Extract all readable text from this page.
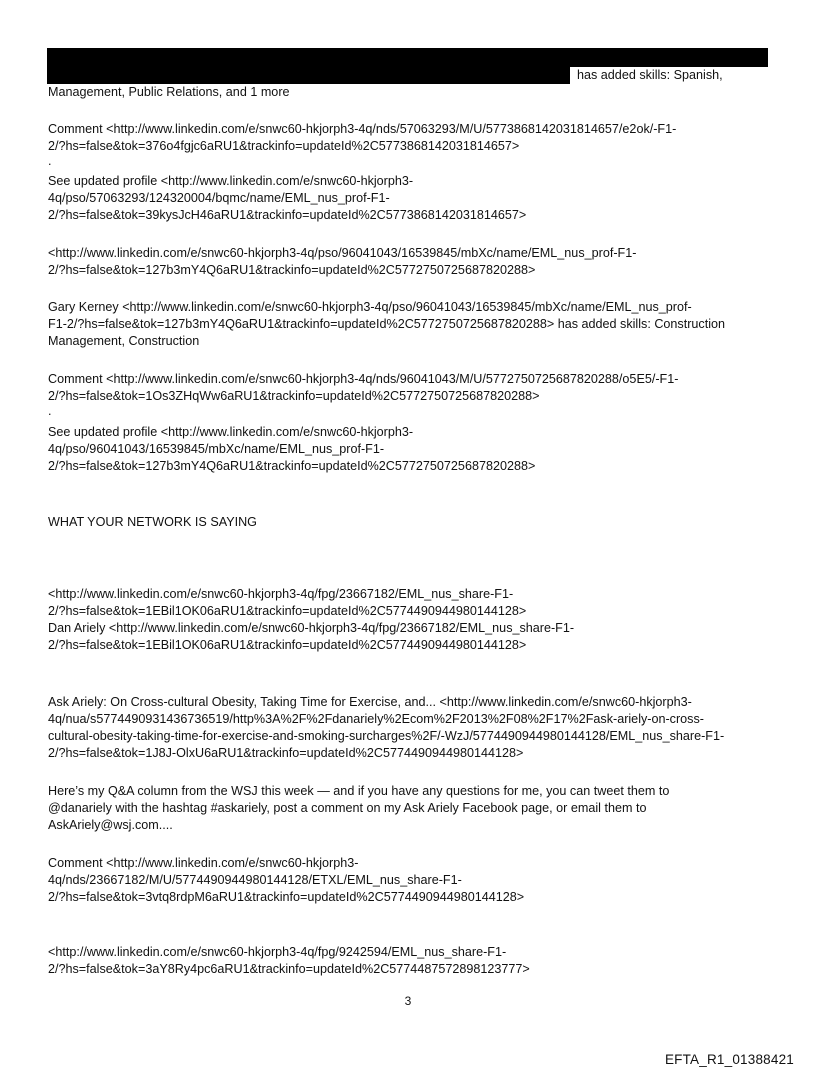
has added skills: Spanish,

Management, Public Relations, and 1 more

Comment <http://www.linkedin.com/e/snwc60-hkjorph3-4q/nds/57063293/M/U/5773868142031814657/e2ok/-F1-

2/?hs=false&tok=376o4fgjc6aRU1&trackinfo=updateId%2C5773868142031814657>

.

See updated profile <http://www.linkedin.com/e/snwc60-hkjorph3-

4q/pso/57063293/124320004/bqmc/name/EML_nus_prof-F1-

2/?hs=false&tok=39kysJcH46aRU1&trackinfo=updateId%2C5773868142031814657>

<http://www.linkedin.com/e/snwc60-hkjorph3-4q/pso/96041043/16539845/mbXc/name/EML_nus_prof-F1-

2/?hs=false&tok=127b3mY4Q6aRU1&trackinfo=updateId%2C5772750725687820288>

Gary Kerney <http://www.linkedin.com/e/snwc60-hkjorph3-4q/pso/96041043/16539845/mbXc/name/EML_nus_prof-

F1-2/?hs=false&tok=127b3mY4Q6aRU1&trackinfo=updateId%2C5772750725687820288> has added skills: Construction

Management, Construction

Comment <http://www.linkedin.com/e/snwc60-hkjorph3-4q/nds/96041043/M/U/5772750725687820288/o5E5/-F1-

2/?hs=false&tok=1Os3ZHqWw6aRU1&trackinfo=updateId%2C5772750725687820288>

.

See updated profile <http://www.linkedin.com/e/snwc60-hkjorph3-

4q/pso/96041043/16539845/mbXc/name/EML_nus_prof-F1-

2/?hs=false&tok=127b3mY4Q6aRU1&trackinfo=updateId%2C5772750725687820288>

WHAT YOUR NETWORK IS SAYING

<http://www.linkedin.com/e/snwc60-hkjorph3-4q/fpg/23667182/EML_nus_share-F1-

2/?hs=false&tok=1EBil1OK06aRU1&trackinfo=updateId%2C5774490944980144128>

Dan Ariely <http://www.linkedin.com/e/snwc60-hkjorph3-4q/fpg/23667182/EML_nus_share-F1-

2/?hs=false&tok=1EBil1OK06aRU1&trackinfo=updateId%2C5774490944980144128>

Ask Ariely: On Cross-cultural Obesity, Taking Time for Exercise, and... <http://www.linkedin.com/e/snwc60-hkjorph3-

4q/nua/s5774490931436736519/http%3A%2F%2Fdanariely%2Ecom%2F2013%2F08%2F17%2Fask-ariely-on-cross-

cultural-obesity-taking-time-for-exercise-and-smoking-surcharges%2F/-WzJ/5774490944980144128/EML_nus_share-F1-

2/?hs=false&tok=1J8J-OlxU6aRU1&trackinfo=updateId%2C5774490944980144128>

Here’s my Q&A column from the WSJ this week — and if you have any questions for me, you can tweet them to

@danariely with the hashtag #askariely, post a comment on my Ask Ariely Facebook page, or email them to

AskAriely@wsj.com....

Comment <http://www.linkedin.com/e/snwc60-hkjorph3-

4q/nds/23667182/M/U/5774490944980144128/ETXL/EML_nus_share-F1-

2/?hs=false&tok=3vtq8rdpM6aRU1&trackinfo=updateId%2C5774490944980144128>

<http://www.linkedin.com/e/snwc60-hkjorph3-4q/fpg/9242594/EML_nus_share-F1-

2/?hs=false&tok=3aY8Ry4pc6aRU1&trackinfo=updateId%2C5774487572898123777>

3
EFTA_R1_01388421
